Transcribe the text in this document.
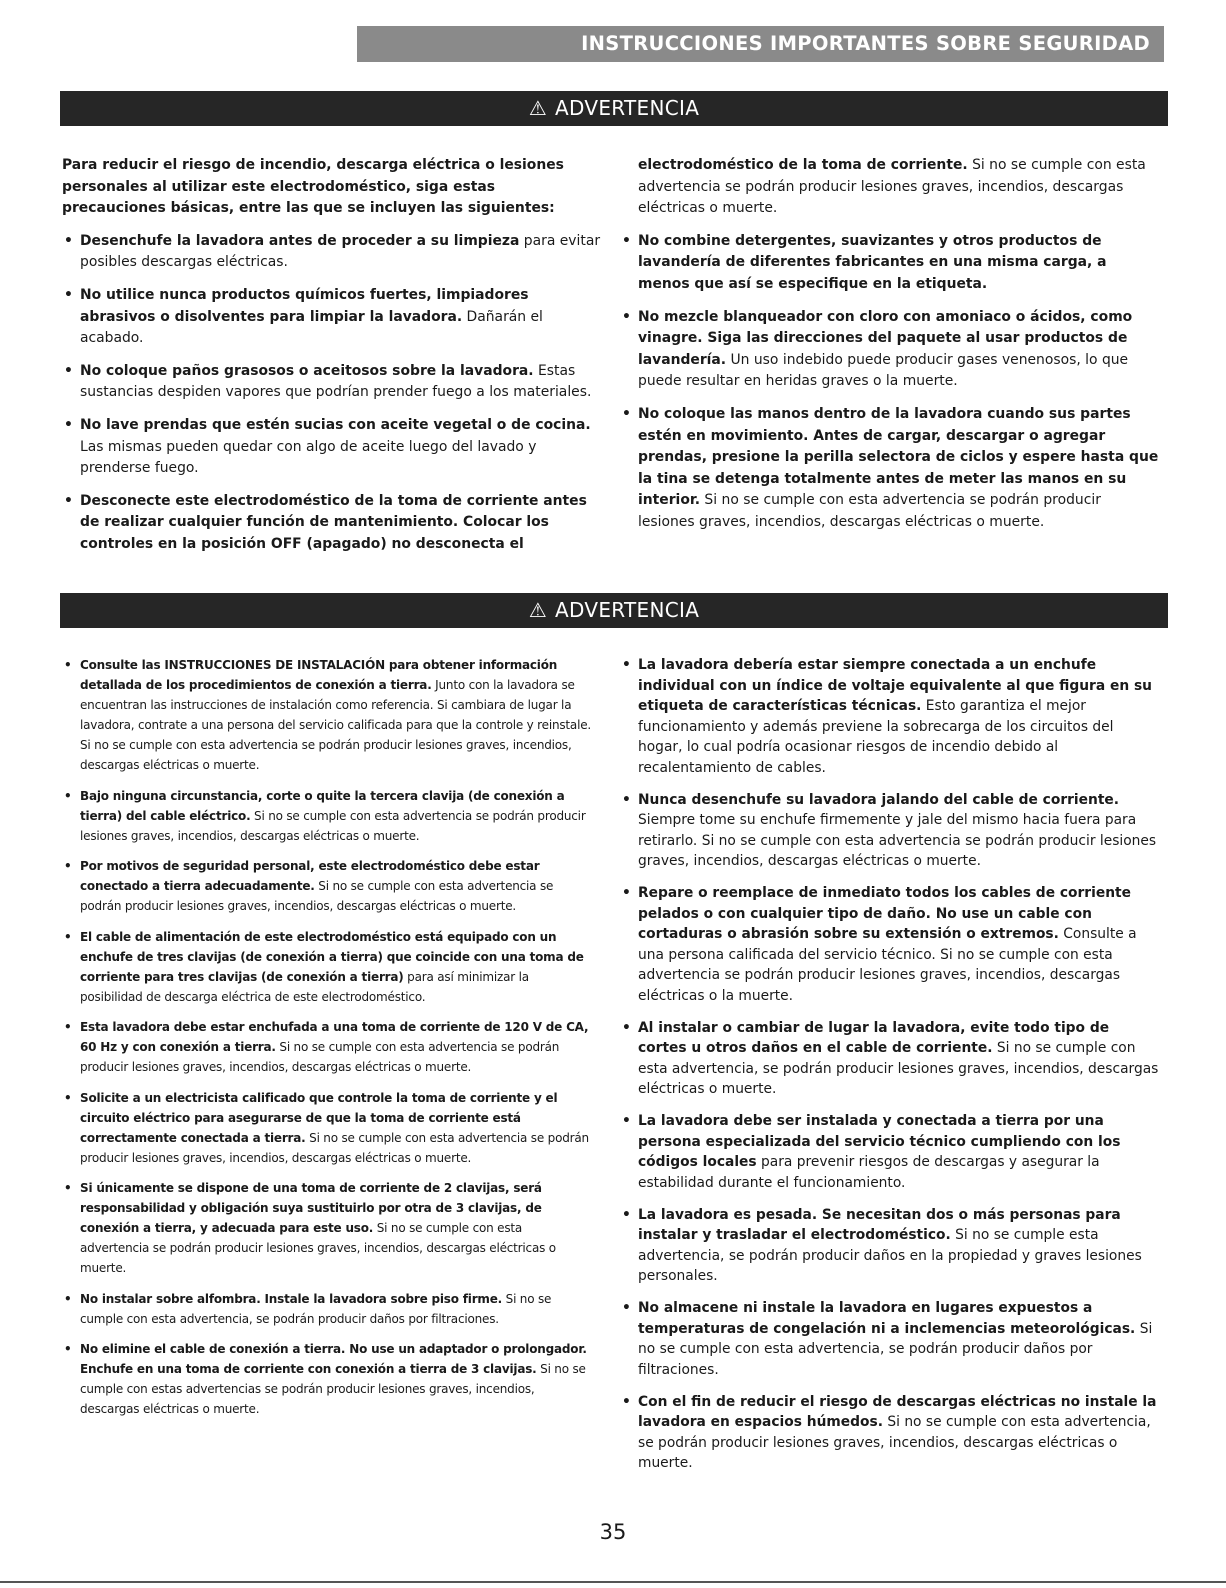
INSTRUCCIONES IMPORTANTES SOBRE SEGURIDAD
⚠ ADVERTENCIA

Para reducir el riesgo de incendio, descarga eléctrica o lesiones personales al utilizar este electrodoméstico, siga estas precauciones básicas, entre las que se incluyen las siguientes:

• Desenchufe la lavadora antes de proceder a su limpieza para evitar posibles descargas eléctricas.
• No utilice nunca productos químicos fuertes, limpiadores abrasivos o disolventes para limpiar la lavadora. Dañarán el acabado.
• No coloque paños grasosos o aceitosos sobre la lavadora. Estas sustancias despiden vapores que podrían prender fuego a los materiales.
• No lave prendas que estén sucias con aceite vegetal o de cocina. Las mismas pueden quedar con algo de aceite luego del lavado y prenderse fuego.
• Desconecte este electrodoméstico de la toma de corriente antes de realizar cualquier función de mantenimiento. Colocar los controles en la posición OFF (apagado) no desconecta el

electrodoméstico de la toma de corriente. Si no se cumple con esta advertencia se podrán producir lesiones graves, incendios, descargas eléctricas o muerte.

• No combine detergentes, suavizantes y otros productos de lavandería de diferentes fabricantes en una misma carga, a menos que así se especifique en la etiqueta.
• No mezcle blanqueador con cloro con amoniaco o ácidos, como vinagre. Siga las direcciones del paquete al usar productos de lavandería. Un uso indebido puede producir gases venenosos, lo que puede resultar en heridas graves o la muerte.
• No coloque las manos dentro de la lavadora cuando sus partes estén en movimiento. Antes de cargar, descargar o agregar prendas, presione la perilla selectora de ciclos y espere hasta que la tina se detenga totalmente antes de meter las manos en su interior. Si no se cumple con esta advertencia se podrán producir lesiones graves, incendios, descargas eléctricas o muerte.
⚠ ADVERTENCIA
• Consulte las INSTRUCCIONES DE INSTALACIÓN para obtener información detallada de los procedimientos de conexión a tierra. Junto con la lavadora se encuentran las instrucciones de instalación como referencia. Si cambiara de lugar la lavadora, contrate a una persona del servicio calificada para que la controle y reinstale. Si no se cumple con esta advertencia se podrán producir lesiones graves, incendios, descargas eléctricas o muerte.
• Bajo ninguna circunstancia, corte o quite la tercera clavija (de conexión a tierra) del cable eléctrico. Si no se cumple con esta advertencia se podrán producir lesiones graves, incendios, descargas eléctricas o muerte.
• Por motivos de seguridad personal, este electrodoméstico debe estar conectado a tierra adecuadamente. Si no se cumple con esta advertencia se podrán producir lesiones graves, incendios, descargas eléctricas o muerte.
• El cable de alimentación de este electrodoméstico está equipado con un enchufe de tres clavijas (de conexión a tierra) que coincide con una toma de corriente para tres clavijas (de conexión a tierra) para así minimizar la posibilidad de descarga eléctrica de este electrodoméstico.
• Esta lavadora debe estar enchufada a una toma de corriente de 120 V de CA, 60 Hz y con conexión a tierra. Si no se cumple con esta advertencia se podrán producir lesiones graves, incendios, descargas eléctricas o muerte.
• Solicite a un electricista calificado que controle la toma de corriente y el circuito eléctrico para asegurarse de que la toma de corriente está correctamente conectada a tierra. Si no se cumple con esta advertencia se podrán producir lesiones graves, incendios, descargas eléctricas o muerte.
• Si únicamente se dispone de una toma de corriente de 2 clavijas, será responsabilidad y obligación suya sustituirlo por otra de 3 clavijas, de conexión a tierra, y adecuada para este uso. Si no se cumple con esta advertencia se podrán producir lesiones graves, incendios, descargas eléctricas o muerte.
• No instalar sobre alfombra. Instale la lavadora sobre piso firme. Si no se cumple con esta advertencia, se podrán producir daños por filtraciones.
• No elimine el cable de conexión a tierra. No use un adaptador o prolongador. Enchufe en una toma de corriente con conexión a tierra de 3 clavijas. Si no se cumple con estas advertencias se podrán producir lesiones graves, incendios, descargas eléctricas o muerte.
• La lavadora debería estar siempre conectada a un enchufe individual con un índice de voltaje equivalente al que figura en su etiqueta de características técnicas. Esto garantiza el mejor funcionamiento y además previene la sobrecarga de los circuitos del hogar, lo cual podría ocasionar riesgos de incendio debido al recalentamiento de cables.
• Nunca desenchufe su lavadora jalando del cable de corriente. Siempre tome su enchufe firmemente y jale del mismo hacia fuera para retirarlo. Si no se cumple con esta advertencia se podrán producir lesiones graves, incendios, descargas eléctricas o muerte.
• Repare o reemplace de inmediato todos los cables de corriente pelados o con cualquier tipo de daño. No use un cable con cortaduras o abrasión sobre su extensión o extremos. Consulte a una persona calificada del servicio técnico. Si no se cumple con esta advertencia se podrán producir lesiones graves, incendios, descargas eléctricas o la muerte.
• Al instalar o cambiar de lugar la lavadora, evite todo tipo de cortes u otros daños en el cable de corriente. Si no se cumple con esta advertencia, se podrán producir lesiones graves, incendios, descargas eléctricas o muerte.
• La lavadora debe ser instalada y conectada a tierra por una persona especializada del servicio técnico cumpliendo con los códigos locales para prevenir riesgos de descargas y asegurar la estabilidad durante el funcionamiento.
• La lavadora es pesada. Se necesitan dos o más personas para instalar y trasladar el electrodoméstico. Si no se cumple esta advertencia, se podrán producir daños en la propiedad y graves lesiones personales.
• No almacene ni instale la lavadora en lugares expuestos a temperaturas de congelación ni a inclemencias meteorológicas. Si no se cumple con esta advertencia, se podrán producir daños por filtraciones.
• Con el fin de reducir el riesgo de descargas eléctricas no instale la lavadora en espacios húmedos. Si no se cumple con esta advertencia, se podrán producir lesiones graves, incendios, descargas eléctricas o muerte.
35
